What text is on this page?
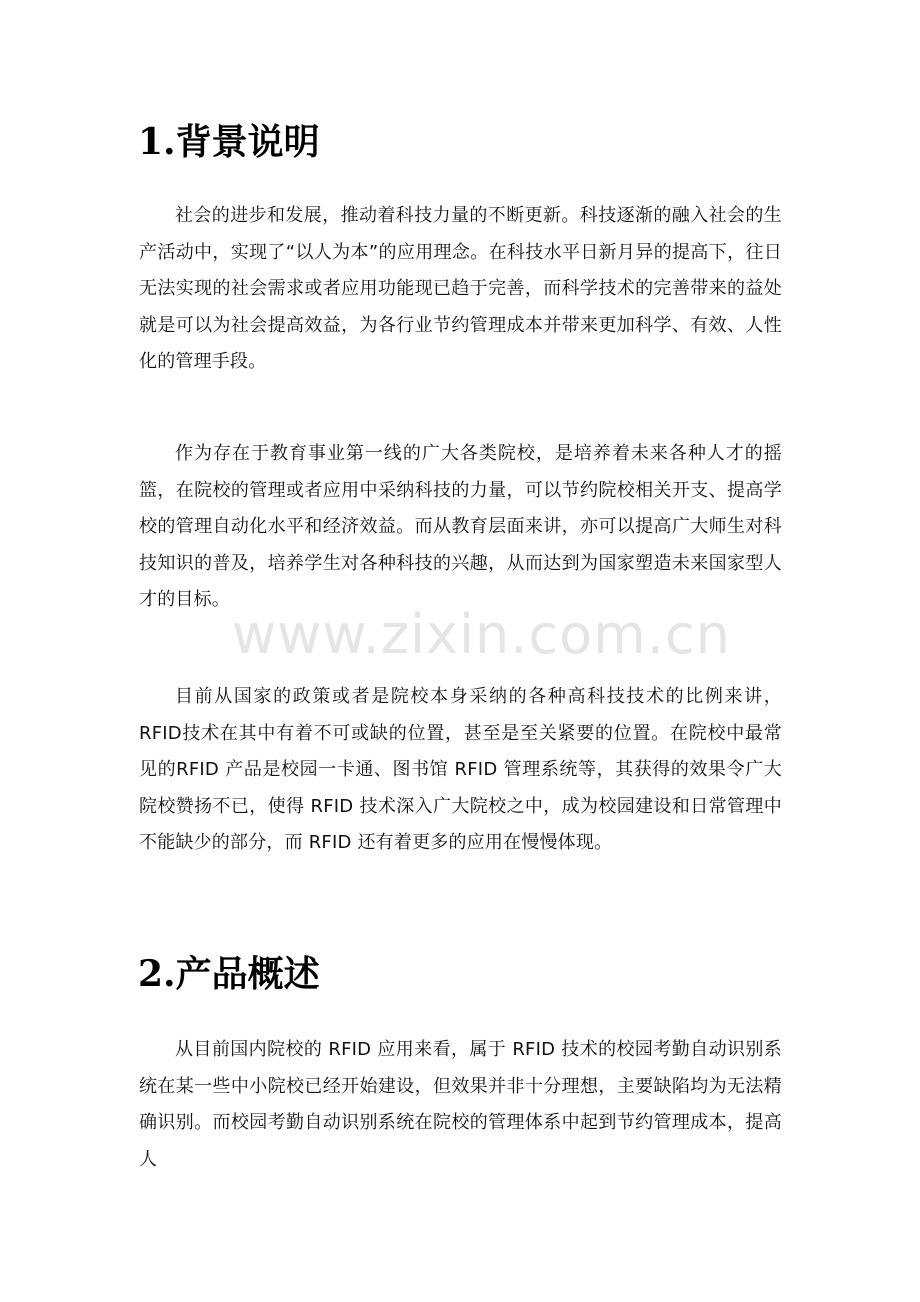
1.背景说明

社会的进步和发展，推动着科技力量的不断更新。科技逐渐的融入社会的生产活动中，实现了“以人为本”的应用理念。在科技水平日新月异的提高下，往日无法实现的社会需求或者应用功能现已趋于完善，而科学技术的完善带来的益处就是可以为社会提高效益，为各行业节约管理成本并带来更加科学、有效、人性化的管理手段。

作为存在于教育事业第一线的广大各类院校，是培养着未来各种人才的摇篮，在院校的管理或者应用中采纳科技的力量，可以节约院校相关开支、提高学校的管理自动化水平和经济效益。而从教育层面来讲，亦可以提高广大师生对科技知识的普及，培养学生对各种科技的兴趣，从而达到为国家塑造未来国家型人才的目标。

目前从国家的政策或者是院校本身采纳的各种高科技技术的比例来讲，RFID技术在其中有着不可或缺的位置，甚至是至关紧要的位置。在院校中最常见的RFID 产品是校园一卡通、图书馆 RFID 管理系统等，其获得的效果令广大院校赞扬不已，使得 RFID 技术深入广大院校之中，成为校园建设和日常管理中不能缺少的部分，而 RFID 还有着更多的应用在慢慢体现。

2.产品概述

从目前国内院校的 RFID 应用来看，属于 RFID 技术的校园考勤自动识别系统在某一些中小院校已经开始建设，但效果并非十分理想，主要缺陷均为无法精确识别。而校园考勤自动识别系统在院校的管理体系中起到节约管理成本，提高人

www.zixin.com.cn
